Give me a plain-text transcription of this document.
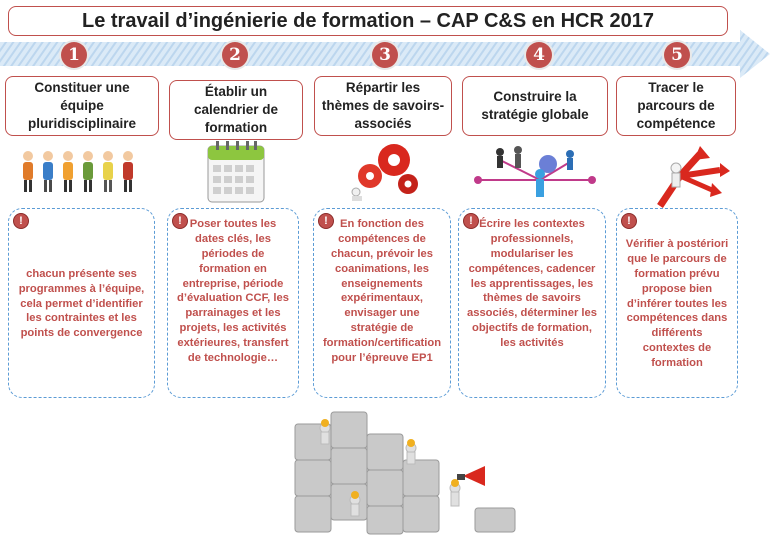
Le travail d’ingénierie de formation – CAP C&S en HCR 2017
1	2	3	4	5
Constituer une équipe pluridisciplinaire
Établir un calendrier de formation
Répartir les thèmes de savoirs-associés
Construire la stratégie globale
Tracer le parcours de compétence
!
chacun présente ses programmes à l’équipe, cela permet d’identifier les contraintes et les points de convergence
! Poser toutes les dates clés, les périodes de formation en entreprise, période d’évaluation CCF, les parrainages et les projets, les activités extérieures, transfert de technologie…
!	En fonction des compétences de chacun, prévoir les coanimations, les enseignements expérimentaux, envisager une stratégie de formation/certification pour l’épreuve EP1
! Écrire les contextes professionnels, modulariser les compétences, cadencer les apprentissages, les thèmes de savoirs associés, déterminer les objectifs de formation, les activités
!
Vérifier à postériori que le parcours de formation prévu propose bien d’inférer toutes les compétences dans différents contextes de formation
